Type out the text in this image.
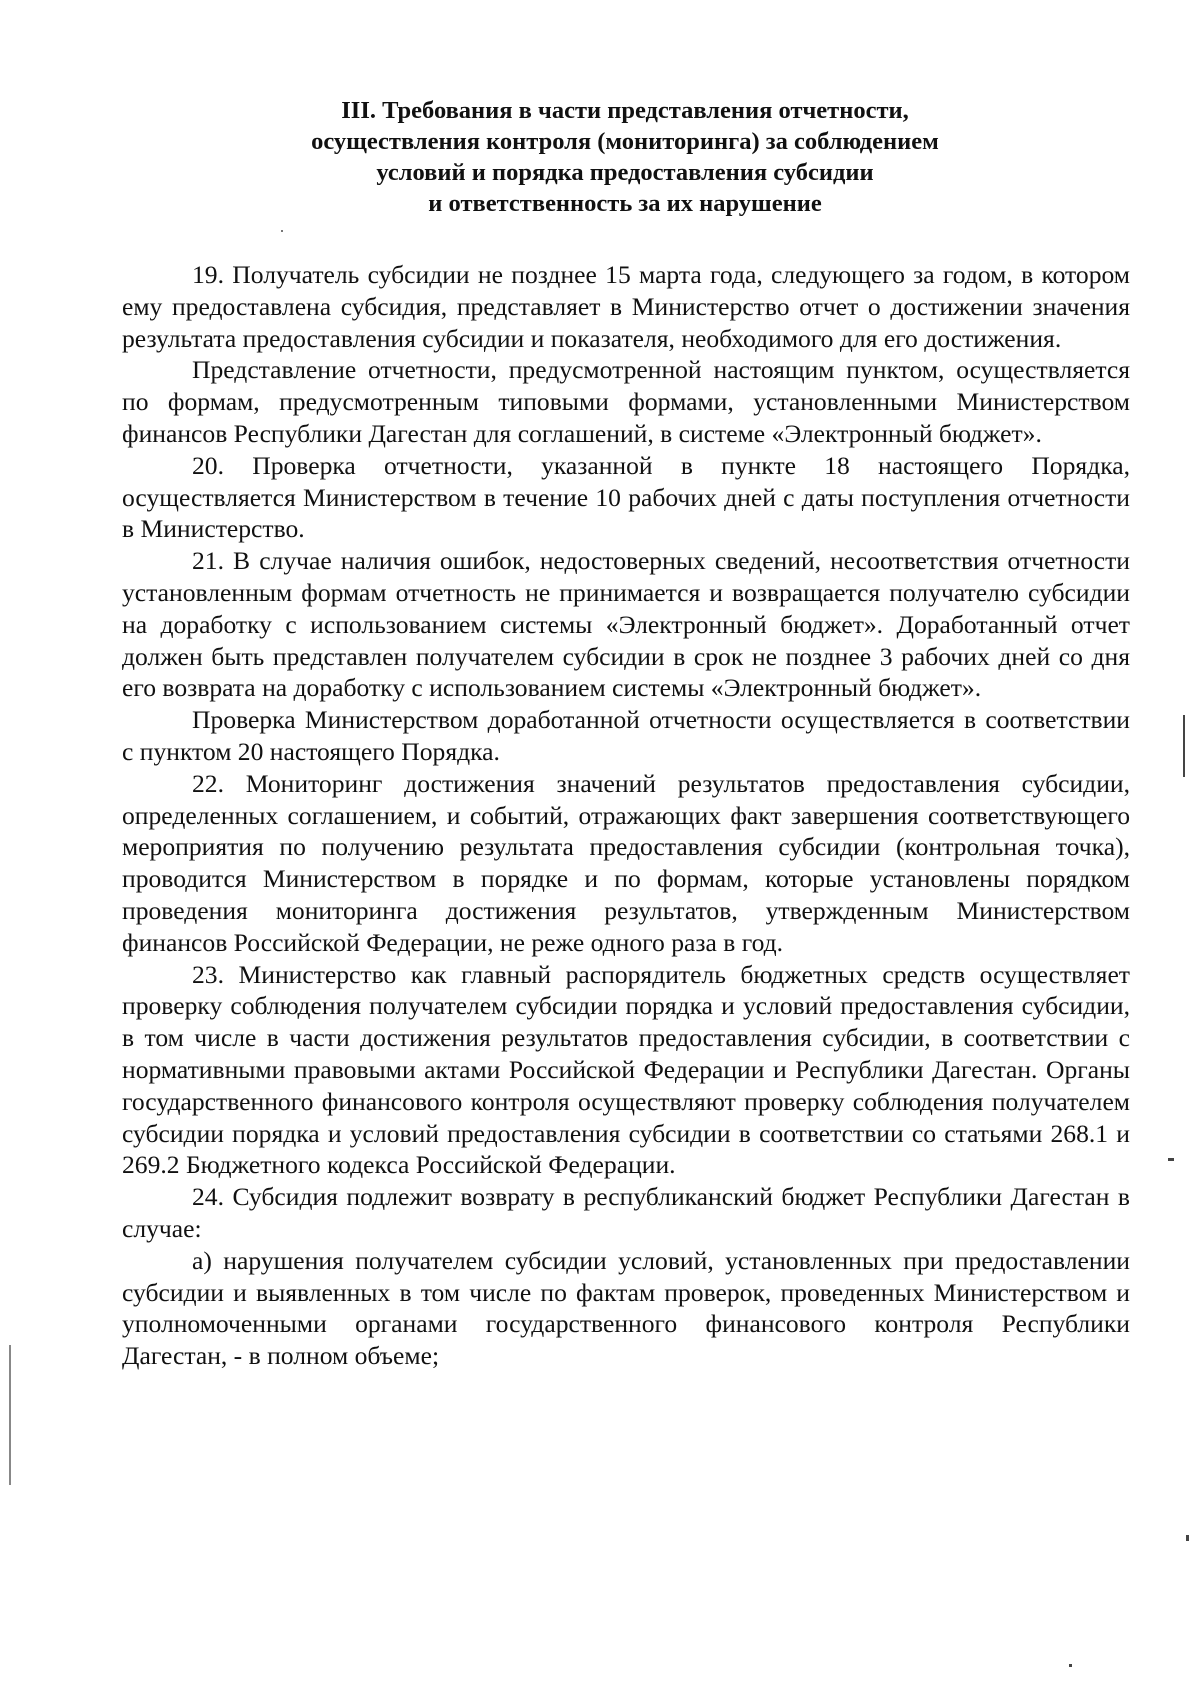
III. Требования в части представления отчетности,
осуществления контроля (мониторинга) за соблюдением
условий и порядка предоставления субсидии
и ответственность за их нарушение

19. Получатель субсидии не позднее 15 марта года, следующего за годом, в котором ему предоставлена субсидия, представляет в Министерство отчет о достижении значения результата предоставления субсидии и показателя, необходимого для его достижения.

Представление отчетности, предусмотренной настоящим пунктом, осуществляется по формам, предусмотренным типовыми формами, установленными Министерством финансов Республики Дагестан для соглашений, в системе «Электронный бюджет».

20. Проверка отчетности, указанной в пункте 18 настоящего Порядка, осуществляется Министерством в течение 10 рабочих дней с даты поступления отчетности в Министерство.

21. В случае наличия ошибок, недостоверных сведений, несоответствия отчетности установленным формам отчетность не принимается и возвращается получателю субсидии на доработку с использованием системы «Электронный бюджет». Доработанный отчет должен быть представлен получателем субсидии в срок не позднее 3 рабочих дней со дня его возврата на доработку с использованием системы «Электронный бюджет».

Проверка Министерством доработанной отчетности осуществляется в соответствии с пунктом 20 настоящего Порядка.

22. Мониторинг достижения значений результатов предоставления субсидии, определенных соглашением, и событий, отражающих факт завершения соответствующего мероприятия по получению результата предоставления субсидии (контрольная точка), проводится Министерством в порядке и по формам, которые установлены порядком проведения мониторинга достижения результатов, утвержденным Министерством финансов Российской Федерации, не реже одного раза в год.

23. Министерство как главный распорядитель бюджетных средств осуществляет проверку соблюдения получателем субсидии порядка и условий предоставления субсидии, в том числе в части достижения результатов предоставления субсидии, в соответствии с нормативными правовыми актами Российской Федерации и Республики Дагестан. Органы государственного финансового контроля осуществляют проверку соблюдения получателем субсидии порядка и условий предоставления субсидии в соответствии со статьями 268.1 и 269.2 Бюджетного кодекса Российской Федерации.

24. Субсидия подлежит возврату в республиканский бюджет Республики Дагестан в случае:

а) нарушения получателем субсидии условий, установленных при предоставлении субсидии и выявленных в том числе по фактам проверок, проведенных Министерством и уполномоченными органами государственного финансового контроля Республики Дагестан, - в полном объеме;
